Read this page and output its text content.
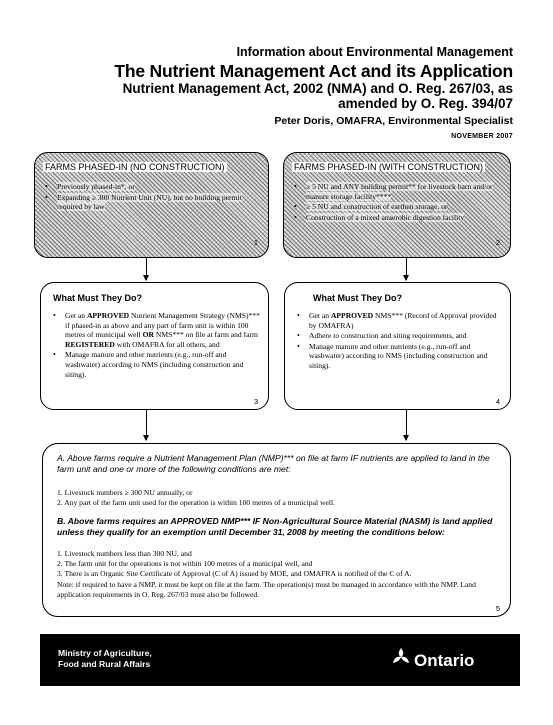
Information about Environmental Management
The Nutrient Management Act and its Application
Nutrient Management Act, 2002 (NMA) and O. Reg. 267/03, as
amended by O. Reg. 394/07
Peter Doris, OMAFRA, Environmental Specialist
NOVEMBER 2007
FARMS PHASED-IN (NO CONSTRUCTION)
• Previously phased-in*, or
• Expanding ≥ 300 Nutrient Unit (NU), but no building permit required by law
1
FARMS PHASED-IN (WITH CONSTRUCTION)
• ≥ 5 NU and ANY building permit** for livestock barn and/or manure storage facility****
• ≥ 5 NU and construction of earthen storage, or
• Construction of a mixed anaerobic digestion facility
2
What Must They Do?
• Get an APPROVED Nutrient Management Strategy (NMS)*** if phased-in as above and any part of farm unit is within 100 metres of municipal well OR NMS*** on file at farm and farm REGISTERED with OMAFRA for all others, and
• Manage manure and other nutrients (e.g., run-off and washwater) according to NMS (including construction and siting).
3
What Must They Do?
• Get an APPROVED NMS*** (Record of Approval provided by OMAFRA)
• Adhere to construction and siting requirements, and
• Manage manure and other nutrients (e.g., run-off and washwater) according to NMS (including construction and siting).
4
A. Above farms require a Nutrient Management Plan (NMP)*** on file at farm IF nutrients are applied to land in the farm unit and one or more of the following conditions are met:
1. Livestock numbers ≥ 300 NU annually, or
2. Any part of the farm unit used for the operation is within 100 metres of a municipal well.
B. Above farms requires an APPROVED NMP*** IF Non-Agricultural Source Material (NASM) is land applied unless they qualify for an exemption until December 31, 2008 by meeting the conditions below:
1. Livestock numbers less than 300 NU, and
2. The farm unit for the operations is not within 100 metres of a municipal well, and
3. There is an Organic Site Certificate of Approval (C of A) issued by MOE, and OMAFRA is notified of the C of A.
Note: if required to have a NMP, it must be kept on file at the farm. The operation(s) must be managed in accordance with the NMP. Land application requirements in O. Reg. 267/03 must also be followed.
5
Ministry of Agriculture,
Food and Rural Affairs	Ontario
